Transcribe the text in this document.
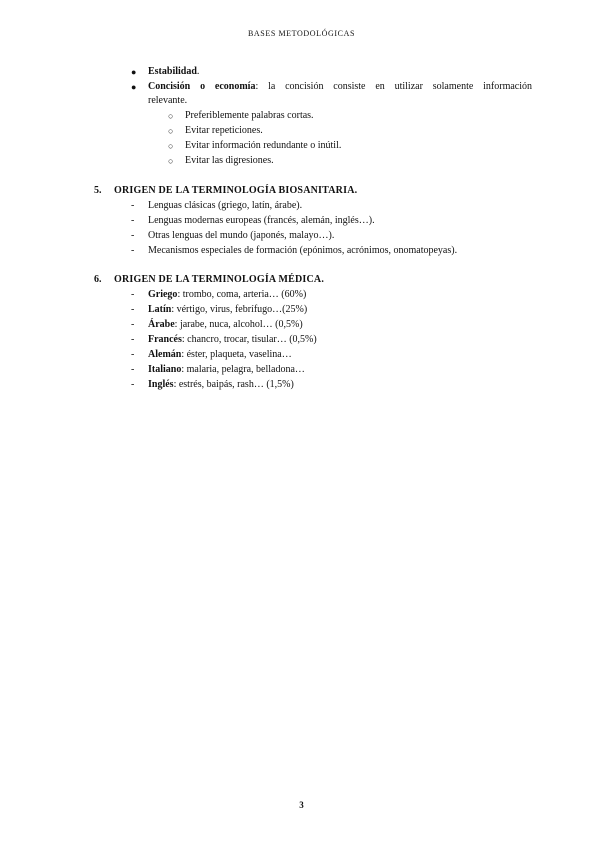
BASES METODOLÓGICAS
● Estabilidad.
● Concisión o economía: la concisión consiste en utilizar solamente información
relevante.
○ Preferiblemente palabras cortas.
○ Evitar repeticiones.
○ Evitar información redundante o inútil.
○ Evitar las digresiones.
5. ORIGEN DE LA TERMINOLOGÍA BIOSANITARIA.
- Lenguas clásicas (griego, latín, árabe).
- Lenguas modernas europeas (francés, alemán, inglés…).
- Otras lenguas del mundo (japonés, malayo…).
- Mecanismos especiales de formación (epónimos, acrónimos, onomatopeyas).
6. ORIGEN DE LA TERMINOLOGÍA MÉDICA.
- Griego: trombo, coma, arteria… (60%)
- Latín: vértigo, virus, febrífugo…(25%)
- Árabe: jarabe, nuca, alcohol… (0,5%)
- Francés: chancro, trocar, tisular… (0,5%)
- Alemán: éster, plaqueta, vaselina…
- Italiano: malaria, pelagra, belladona…
- Inglés: estrés, baipás, rash… (1,5%)
3
